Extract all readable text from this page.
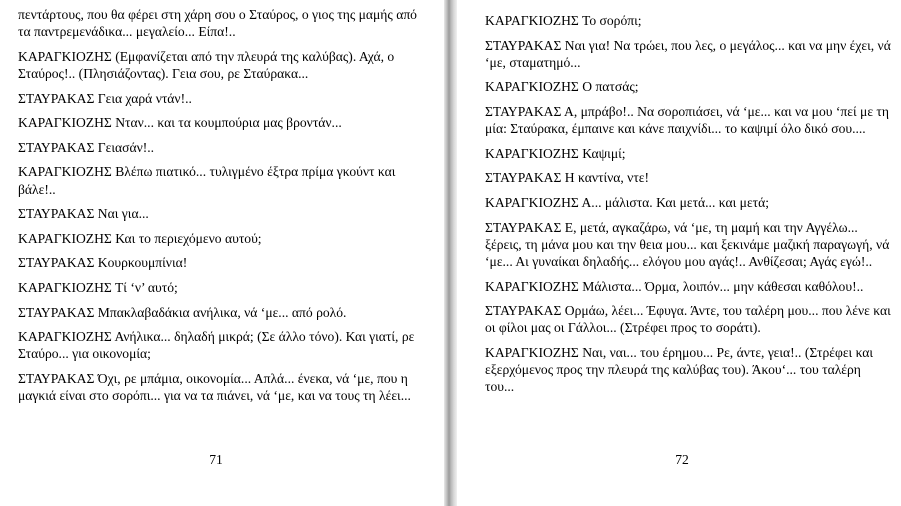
πεντάρτους, που θα φέρει στη χάρη σου ο Σταύρος, ο γιος της μαμής από τα παντρεμενάδικα... μεγαλείο... Είπα!..

ΚΑΡΑΓΚΙΟΖΗΣ (Εμφανίζεται από την πλευρά της καλύβας). Αχά, ο Σταύρος!.. (Πλησιάζοντας). Γεια σου, ρε Σταύρακα...

ΣΤΑΥΡΑΚΑΣ Γεια χαρά ντάν!..

ΚΑΡΑΓΚΙΟΖΗΣ Νταν... και τα κουμπούρια μας βροντάν...

ΣΤΑΥΡΑΚΑΣ Γειασάν!..

ΚΑΡΑΓΚΙΟΖΗΣ Βλέπω πιατικό... τυλιγμένο έξτρα πρίμα γκούντ και βάλε!..

ΣΤΑΥΡΑΚΑΣ Ναι για...

ΚΑΡΑΓΚΙΟΖΗΣ Και το περιεχόμενο αυτού;

ΣΤΑΥΡΑΚΑΣ Κουρκουμπίνια!

ΚΑΡΑΓΚΙΟΖΗΣ Τί ‘ν’ αυτό;

ΣΤΑΥΡΑΚΑΣ Μπακλαβαδάκια ανήλικα, νά ‘με... από ρολό.

ΚΑΡΑΓΚΙΟΖΗΣ Ανήλικα... δηλαδή μικρά; (Σε άλλο τόνο). Και γιατί, ρε Σταύρο... για οικονομία;

ΣΤΑΥΡΑΚΑΣ Όχι, ρε μπάμια, οικονομία... Απλά... ένεκα, νά ‘με, που η μαγκιά είναι στο σορόπι... για να τα πιάνει, νά ‘με, και να τους τη λέει...

71

ΚΑΡΑΓΚΙΟΖΗΣ Το σορόπι;

ΣΤΑΥΡΑΚΑΣ Ναι για! Να τρώει, που λες, ο μεγάλος... και να μην έχει, νά ‘με, σταματημό...

ΚΑΡΑΓΚΙΟΖΗΣ Ο πατσάς;

ΣΤΑΥΡΑΚΑΣ Α, μπράβο!.. Να σοροπιάσει, νά ‘με... και να μου ‘πεί με τη μία: Σταύρακα, έμπαινε και κάνε παιχνίδι... το καψιμί όλο δικό σου....

ΚΑΡΑΓΚΙΟΖΗΣ Καψιμί;

ΣΤΑΥΡΑΚΑΣ Η καντίνα, ντε!

ΚΑΡΑΓΚΙΟΖΗΣ Α... μάλιστα. Και μετά... και μετά;

ΣΤΑΥΡΑΚΑΣ Ε, μετά, αγκαζάρω, νά ‘με, τη μαμή και την Αγγέλω... ξέρεις, τη μάνα μου και την θεια μου... και ξεκινάμε μαζική παραγωγή, νά ‘με... Αι γυναίκαι δηλαδής... ελόγου μου αγάς!.. Ανθίζεσαι; Αγάς εγώ!..

ΚΑΡΑΓΚΙΟΖΗΣ Μάλιστα... Όρμα, λοιπόν... μην κάθεσαι καθόλου!..

ΣΤΑΥΡΑΚΑΣ Ορμάω, λέει... Έφυγα. Άντε, του ταλέρη μου... που λένε και οι φίλοι μας οι Γάλλοι... (Στρέφει προς το σοράτι).

ΚΑΡΑΓΚΙΟΖΗΣ Ναι, ναι... του έρημου... Ρε, άντε, γεια!.. (Στρέφει και εξερχόμενος προς την πλευρά της καλύβας του). Άκου‘... του ταλέρη του...

72
